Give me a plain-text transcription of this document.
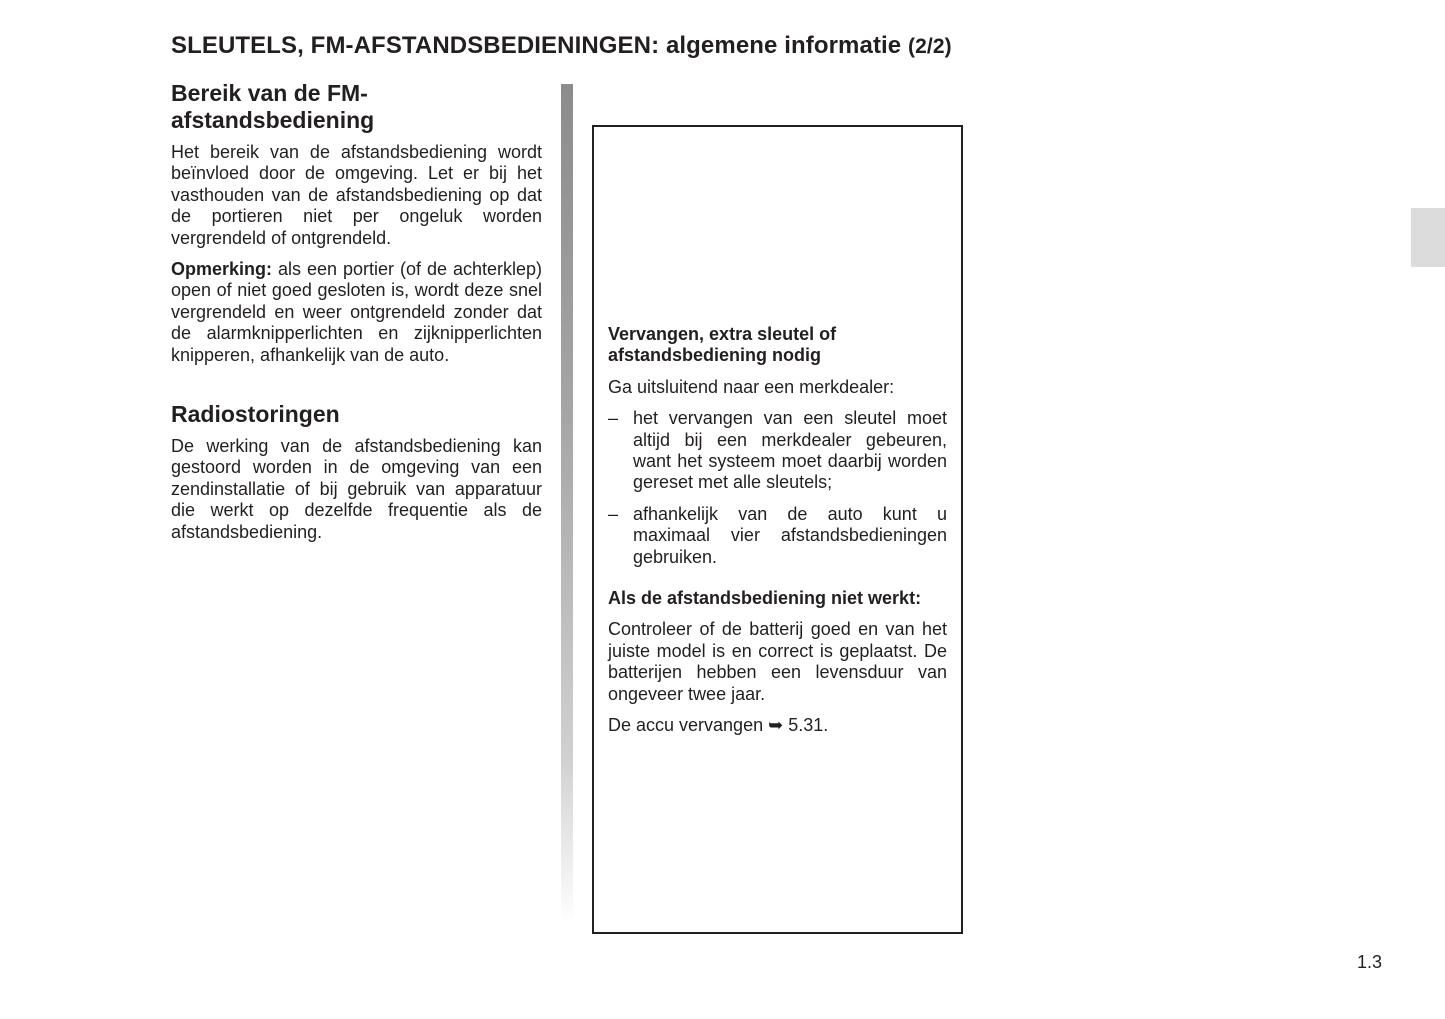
SLEUTELS, FM-AFSTANDSBEDIENINGEN: algemene informatie (2/2)
Bereik van de FM-
afstandsbediening

Het bereik van de afstandsbediening wordt beïnvloed door de omgeving. Let er bij het vasthouden van de afstandsbediening op dat de portieren niet per ongeluk worden vergrendeld of ontgrendeld.

Opmerking: als een portier (of de achterklep) open of niet goed gesloten is, wordt deze snel vergrendeld en weer ontgrendeld zonder dat de alarmknipperlichten en zijknipperlichten knipperen, afhankelijk van de auto.

Radiostoringen

De werking van de afstandsbediening kan gestoord worden in de omgeving van een zendinstallatie of bij gebruik van apparatuur die werkt op dezelfde frequentie als de afstandsbediening.

Vervangen, extra sleutel of afstandsbediening nodig

Ga uitsluitend naar een merkdealer:

– het vervangen van een sleutel moet altijd bij een merkdealer gebeuren, want het systeem moet daarbij worden gereset met alle sleutels;
– afhankelijk van de auto kunt u maximaal vier afstandsbedieningen gebruiken.
Als de afstandsbediening niet werkt:

Controleer of de batterij goed en van het juiste model is en correct is geplaatst. De batterijen hebben een levensduur van ongeveer twee jaar.

De accu vervangen ➥ 5.31.

1.3
